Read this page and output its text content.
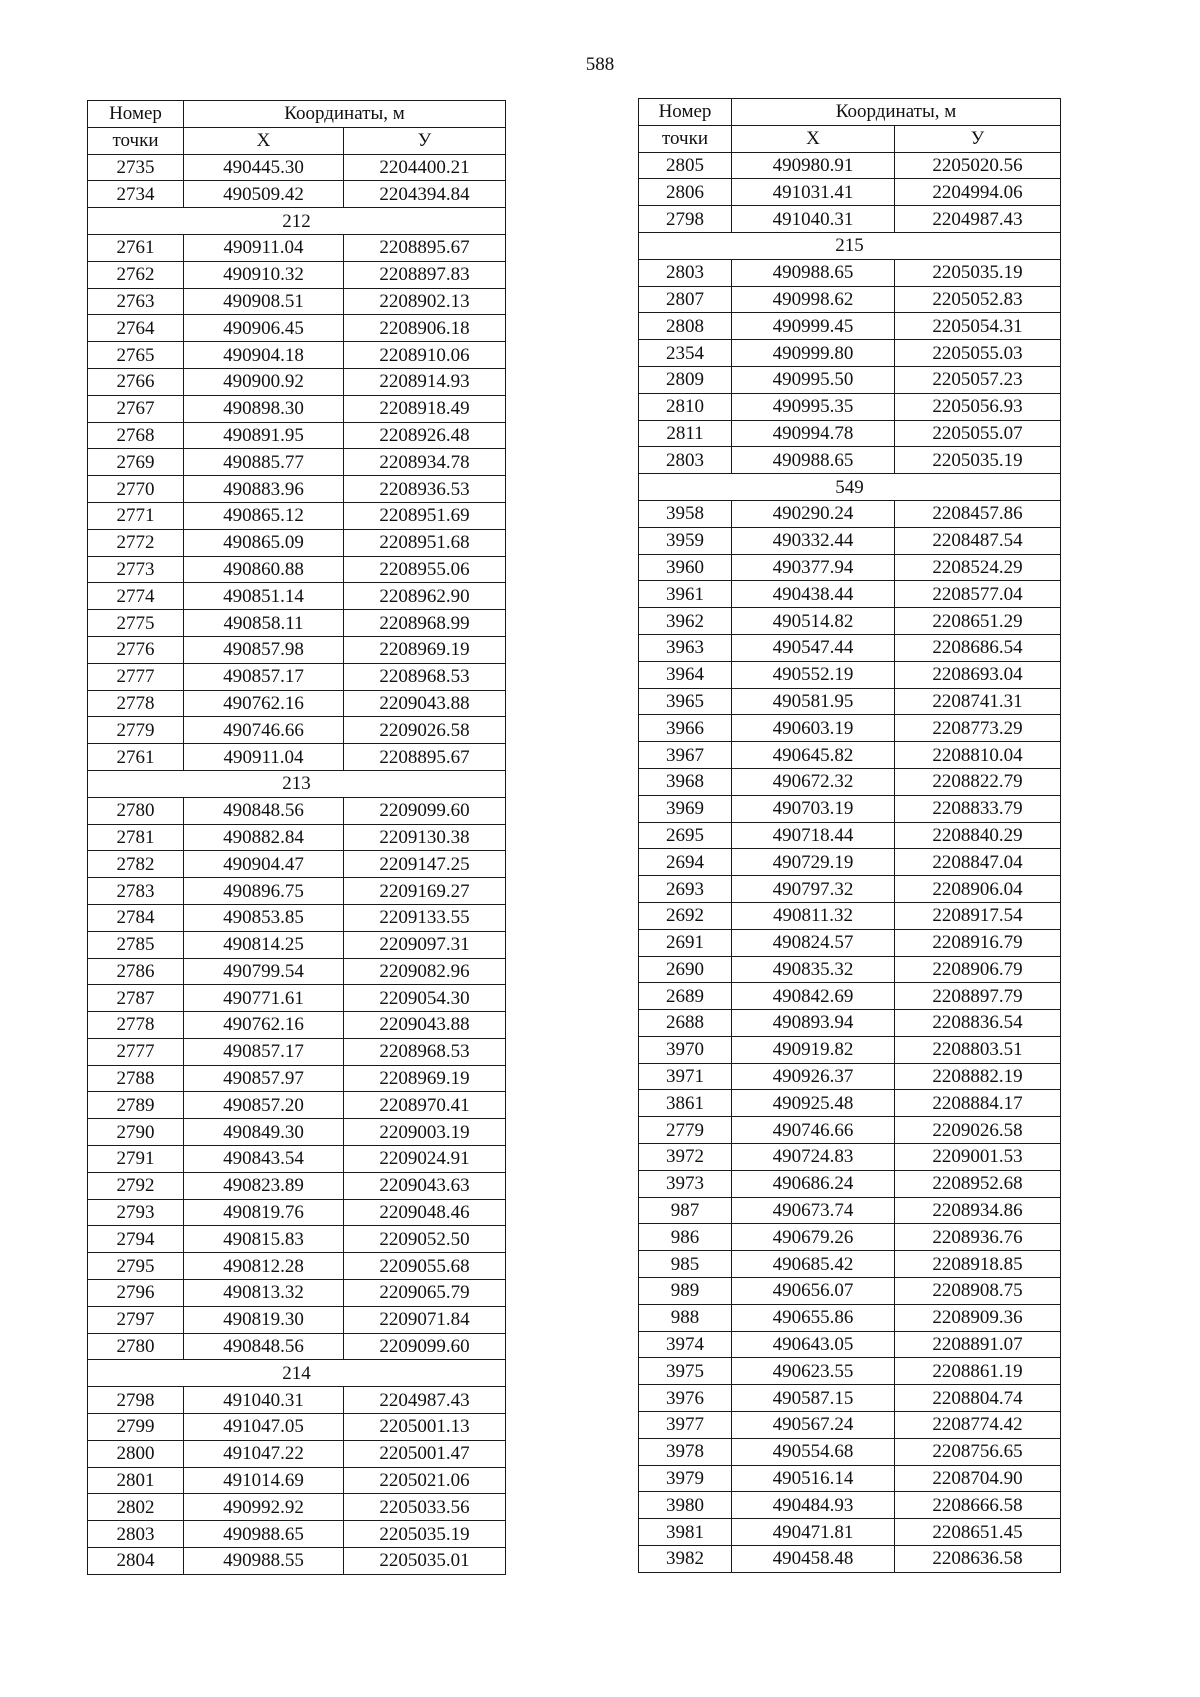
588
Номер	Координаты, м	
точки	X	У
2735	490445.30	2204400.21
2734	490509.42	2204394.84
212		
2761	490911.04	2208895.67
2762	490910.32	2208897.83
2763	490908.51	2208902.13
2764	490906.45	2208906.18
2765	490904.18	2208910.06
2766	490900.92	2208914.93
2767	490898.30	2208918.49
2768	490891.95	2208926.48
2769	490885.77	2208934.78
2770	490883.96	2208936.53
2771	490865.12	2208951.69
2772	490865.09	2208951.68
2773	490860.88	2208955.06
2774	490851.14	2208962.90
2775	490858.11	2208968.99
2776	490857.98	2208969.19
2777	490857.17	2208968.53
2778	490762.16	2209043.88
2779	490746.66	2209026.58
2761	490911.04	2208895.67
213		
2780	490848.56	2209099.60
2781	490882.84	2209130.38
2782	490904.47	2209147.25
2783	490896.75	2209169.27
2784	490853.85	2209133.55
2785	490814.25	2209097.31
2786	490799.54	2209082.96
2787	490771.61	2209054.30
2778	490762.16	2209043.88
2777	490857.17	2208968.53
2788	490857.97	2208969.19
2789	490857.20	2208970.41
2790	490849.30	2209003.19
2791	490843.54	2209024.91
2792	490823.89	2209043.63
2793	490819.76	2209048.46
2794	490815.83	2209052.50
2795	490812.28	2209055.68
2796	490813.32	2209065.79
2797	490819.30	2209071.84
2780	490848.56	2209099.60
214		
2798	491040.31	2204987.43
2799	491047.05	2205001.13
2800	491047.22	2205001.47
2801	491014.69	2205021.06
2802	490992.92	2205033.56
2803	490988.65	2205035.19
2804	490988.55	2205035.01
Номер	Координаты, м	
точки	X	У
2805	490980.91	2205020.56
2806	491031.41	2204994.06
2798	491040.31	2204987.43
215		
2803	490988.65	2205035.19
2807	490998.62	2205052.83
2808	490999.45	2205054.31
2354	490999.80	2205055.03
2809	490995.50	2205057.23
2810	490995.35	2205056.93
2811	490994.78	2205055.07
2803	490988.65	2205035.19
549		
3958	490290.24	2208457.86
3959	490332.44	2208487.54
3960	490377.94	2208524.29
3961	490438.44	2208577.04
3962	490514.82	2208651.29
3963	490547.44	2208686.54
3964	490552.19	2208693.04
3965	490581.95	2208741.31
3966	490603.19	2208773.29
3967	490645.82	2208810.04
3968	490672.32	2208822.79
3969	490703.19	2208833.79
2695	490718.44	2208840.29
2694	490729.19	2208847.04
2693	490797.32	2208906.04
2692	490811.32	2208917.54
2691	490824.57	2208916.79
2690	490835.32	2208906.79
2689	490842.69	2208897.79
2688	490893.94	2208836.54
3970	490919.82	2208803.51
3971	490926.37	2208882.19
3861	490925.48	2208884.17
2779	490746.66	2209026.58
3972	490724.83	2209001.53
3973	490686.24	2208952.68
987	490673.74	2208934.86
986	490679.26	2208936.76
985	490685.42	2208918.85
989	490656.07	2208908.75
988	490655.86	2208909.36
3974	490643.05	2208891.07
3975	490623.55	2208861.19
3976	490587.15	2208804.74
3977	490567.24	2208774.42
3978	490554.68	2208756.65
3979	490516.14	2208704.90
3980	490484.93	2208666.58
3981	490471.81	2208651.45
3982	490458.48	2208636.58
